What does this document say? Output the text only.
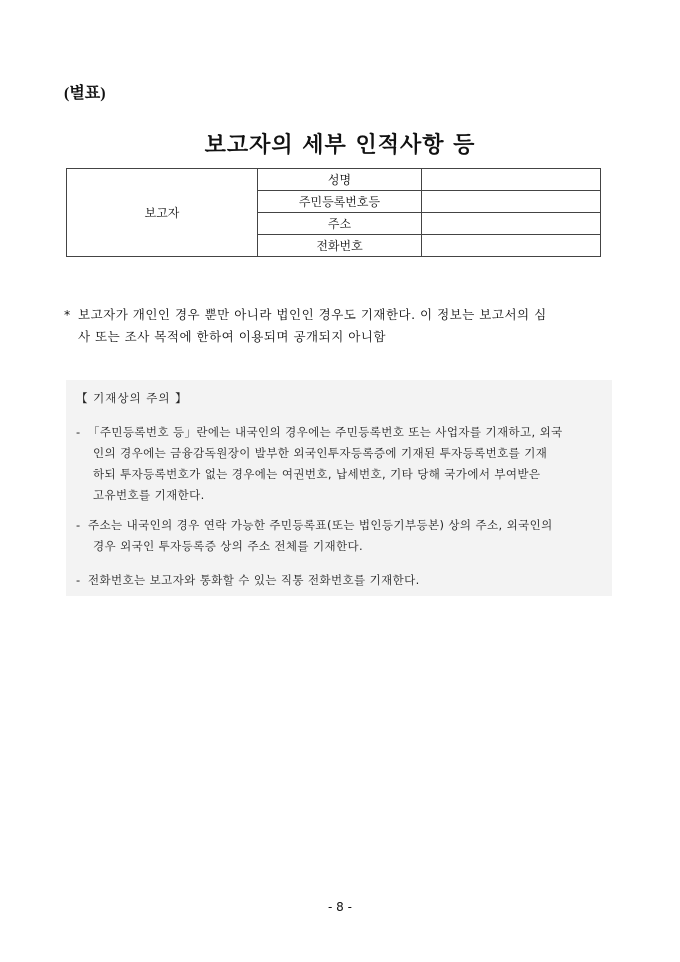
(별표)
보고자의 세부 인적사항 등
보고자	성명	
	주민등록번호등	
	주소	
	전화번호	
* 보고자가 개인인 경우 뿐만 아니라 법인인 경우도 기재한다. 이 정보는 보고서의 심
사 또는 조사 목적에 한하여 이용되며 공개되지 아니함
【 기재상의 주의 】
- 「주민등록번호 등」란에는 내국인의 경우에는 주민등록번호 또는 사업자를 기재하고, 외국
인의 경우에는 금융감독원장이 발부한 외국인투자등록증에 기재된 투자등록번호를 기재
하되 투자등록번호가 없는 경우에는 여권번호, 납세번호, 기타 당해 국가에서 부여받은
고유번호를 기재한다.
- 주소는 내국인의 경우 연락 가능한 주민등록표(또는 법인등기부등본) 상의 주소, 외국인의
경우 외국인 투자등록증 상의 주소 전체를 기재한다.
- 전화번호는 보고자와 통화할 수 있는 직통 전화번호를 기재한다.
- 8 -
